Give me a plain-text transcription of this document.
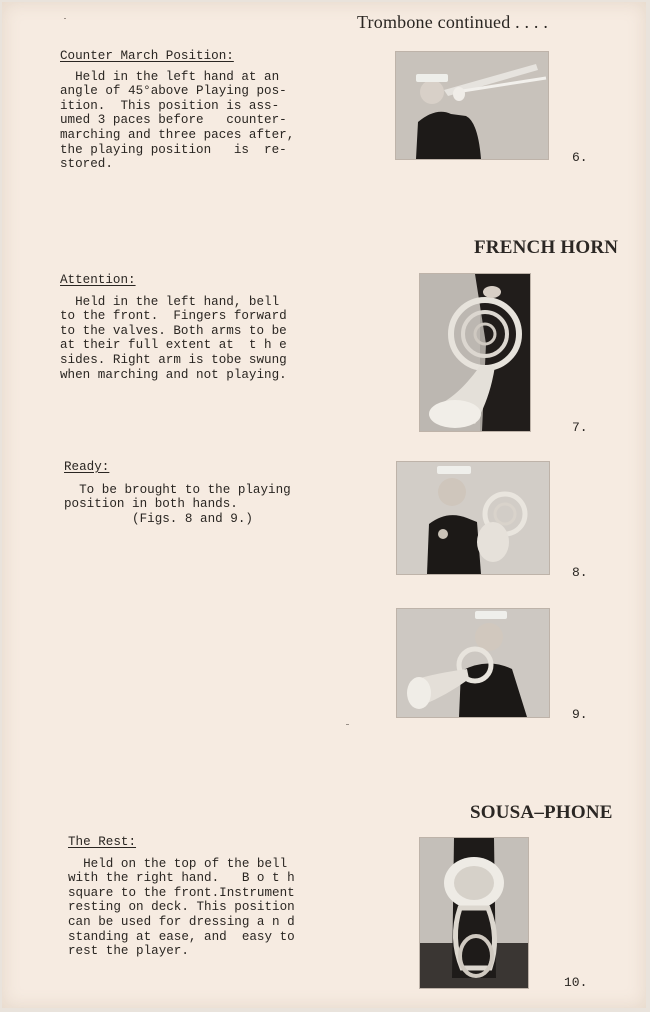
Trombone continued . . . .
Counter March Position:
Held in the left hand at an
angle of 45°above Playing pos-
ition.  This position is ass-
umed 3 paces before   counter-
marching and three paces after,
the playing position   is  re-
stored.	6.
FRENCH HORN
Attention:
Held in the left hand, bell
to the front.  Fingers forward
to the valves. Both arms to be
at their full extent at  t h e
sides. Right arm is tobe swung
when marching and not playing.
7.
Ready:
To be brought to the playing
position in both hands.
(Figs. 8 and 9.)
8.
9.
SOUSA–PHONE
The Rest:
Held on the top of the bell
with the right hand.   B o t h
square to the front.Instrument
resting on deck. This position
can be used for dressing a n d
standing at ease, and  easy to
rest the player.
10.
